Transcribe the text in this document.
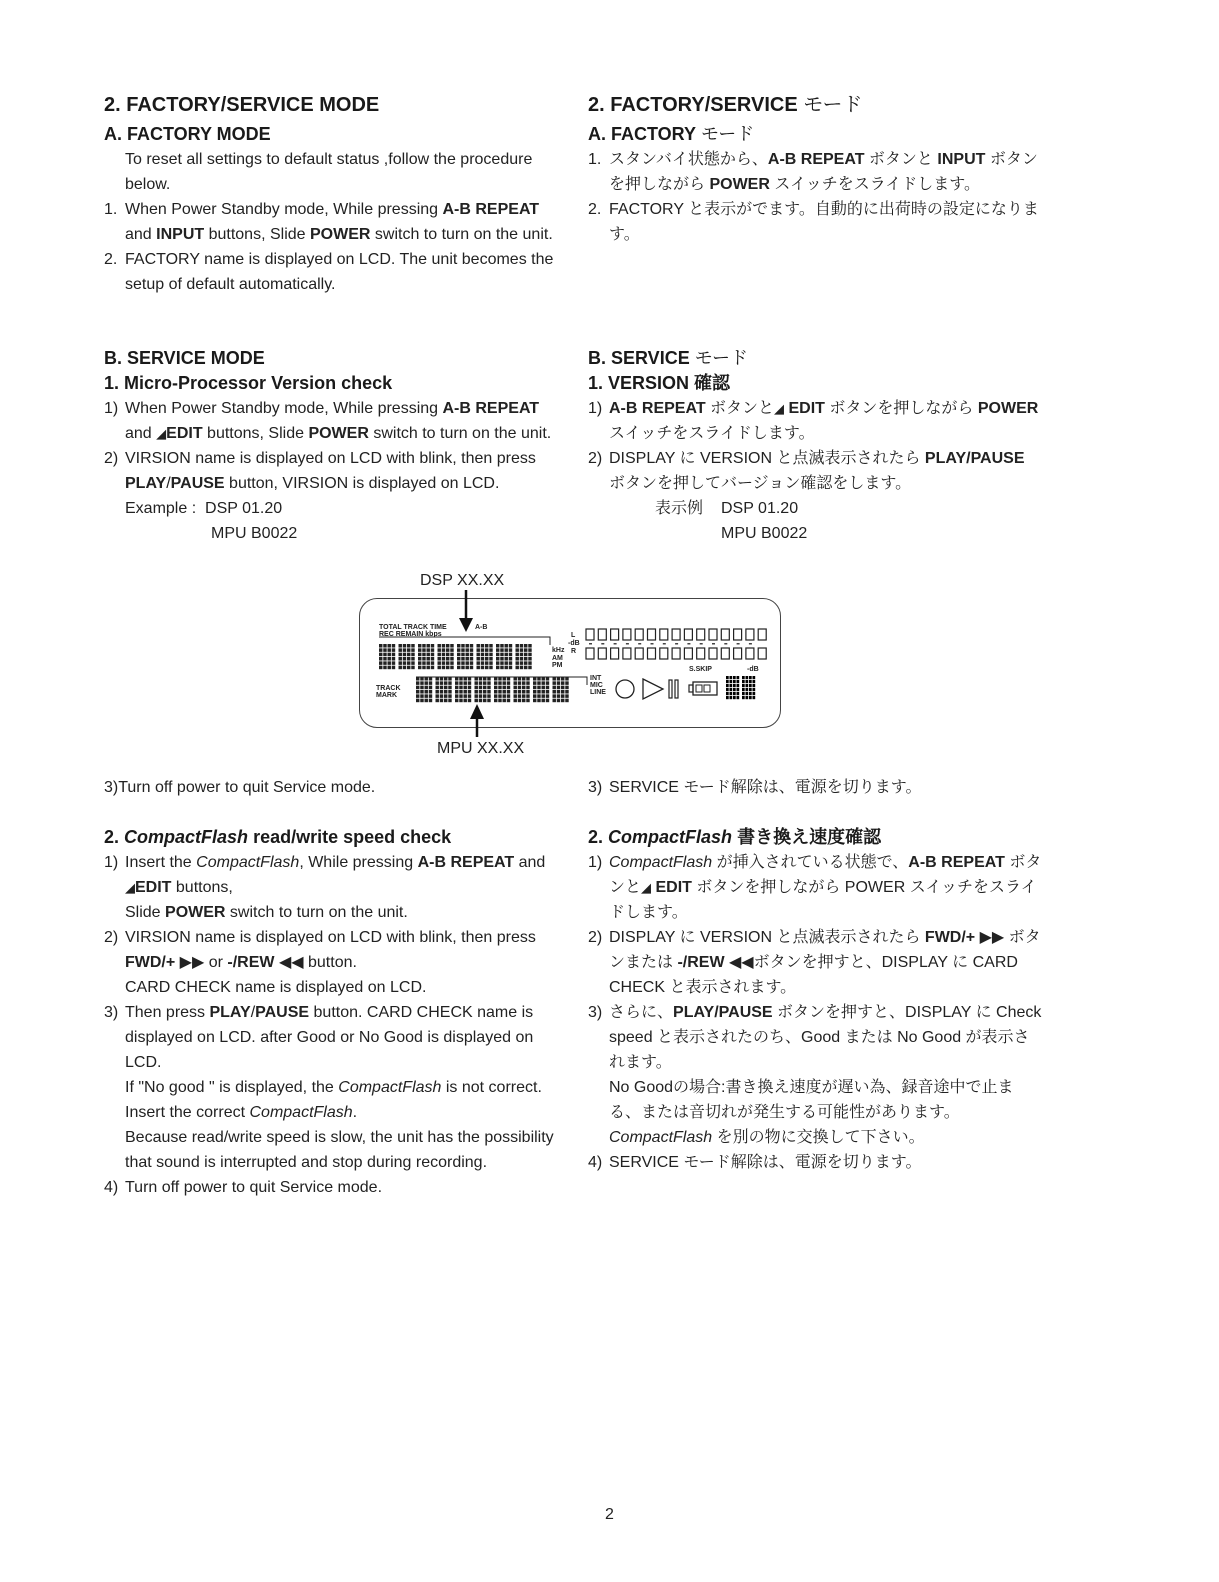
2. FACTORY/SERVICE MODE
A. FACTORY MODE
To reset all settings to default status ,follow the procedure below.
1. When Power Standby mode, While pressing A-B REPEAT and INPUT buttons, Slide POWER switch to turn on the unit.
2. FACTORY name is displayed on LCD. The unit becomes the setup of default automatically.
B. SERVICE MODE
1. Micro-Processor Version check
1) When Power Standby mode, While pressing A-B REPEAT and ◢EDIT buttons, Slide POWER switch to turn on the unit.
2) VIRSION name is displayed on LCD with blink, then press PLAY/PAUSE button, VIRSION is displayed on LCD.
Example : DSP 01.20
MPU B0022
DSP XX.XX
MPU XX.XX
TOTAL TRACK TIME
REC REMAIN kbps
A-B
kHz
AM
PM
L
-dB
R
TRACK
MARK
INT
MIC
LINE
S.SKIP	-dB
3)Turn off power to quit Service mode.
2. CompactFlash read/write speed check
1) Insert the CompactFlash, While pressing A-B REPEAT and ◢EDIT buttons,
Slide POWER switch to turn on the unit.
2) VIRSION name is displayed on LCD with blink, then press FWD/+ ▶▶ or -/REW ◀◀ button.
CARD CHECK name is displayed on LCD.
3) Then press PLAY/PAUSE button. CARD CHECK name is displayed on LCD. after Good or No Good is displayed on LCD.
If "No good " is displayed, the CompactFlash is not correct. Insert the correct CompactFlash.
Because read/write speed is slow, the unit has the possibility that sound is interrupted and stop during recording.
4) Turn off power to quit Service mode.
2. FACTORY/SERVICE モード
A. FACTORY モード
1. スタンバイ状態から、A-B REPEAT ボタンと INPUT ボタンを押しながら POWER スイッチをスライドします。
2. FACTORY と表示がでます。自動的に出荷時の設定になります。
B. SERVICE モード
1. VERSION 確認
1) A-B REPEAT ボタンと◢ EDIT ボタンを押しながら POWER スイッチをスライドします。
2) DISPLAY に VERSION と点滅表示されたら PLAY/PAUSE ボタンを押してバージョン確認をします。
表示例 DSP 01.20
MPU B0022
3) SERVICE モード解除は、電源を切ります。
2. CompactFlash 書き換え速度確認
1) CompactFlash が挿入されている状態で、A-B REPEAT ボタンと◢ EDIT ボタンを押しながら POWER スイッチをスライドします。
2) DISPLAY に VERSION と点滅表示されたら FWD/+ ▶▶ ボタンまたは -/REW ◀◀ボタンを押すと、DISPLAY に CARD CHECK と表示されます。
3) さらに、PLAY/PAUSE ボタンを押すと、DISPLAY に Check speed と表示されたのち、Good または No Good が表示されます。
No Goodの場合:書き換え速度が遅い為、録音途中で止まる、または音切れが発生する可能性があります。CompactFlash を別の物に交換して下さい。
4) SERVICE モード解除は、電源を切ります。
2
